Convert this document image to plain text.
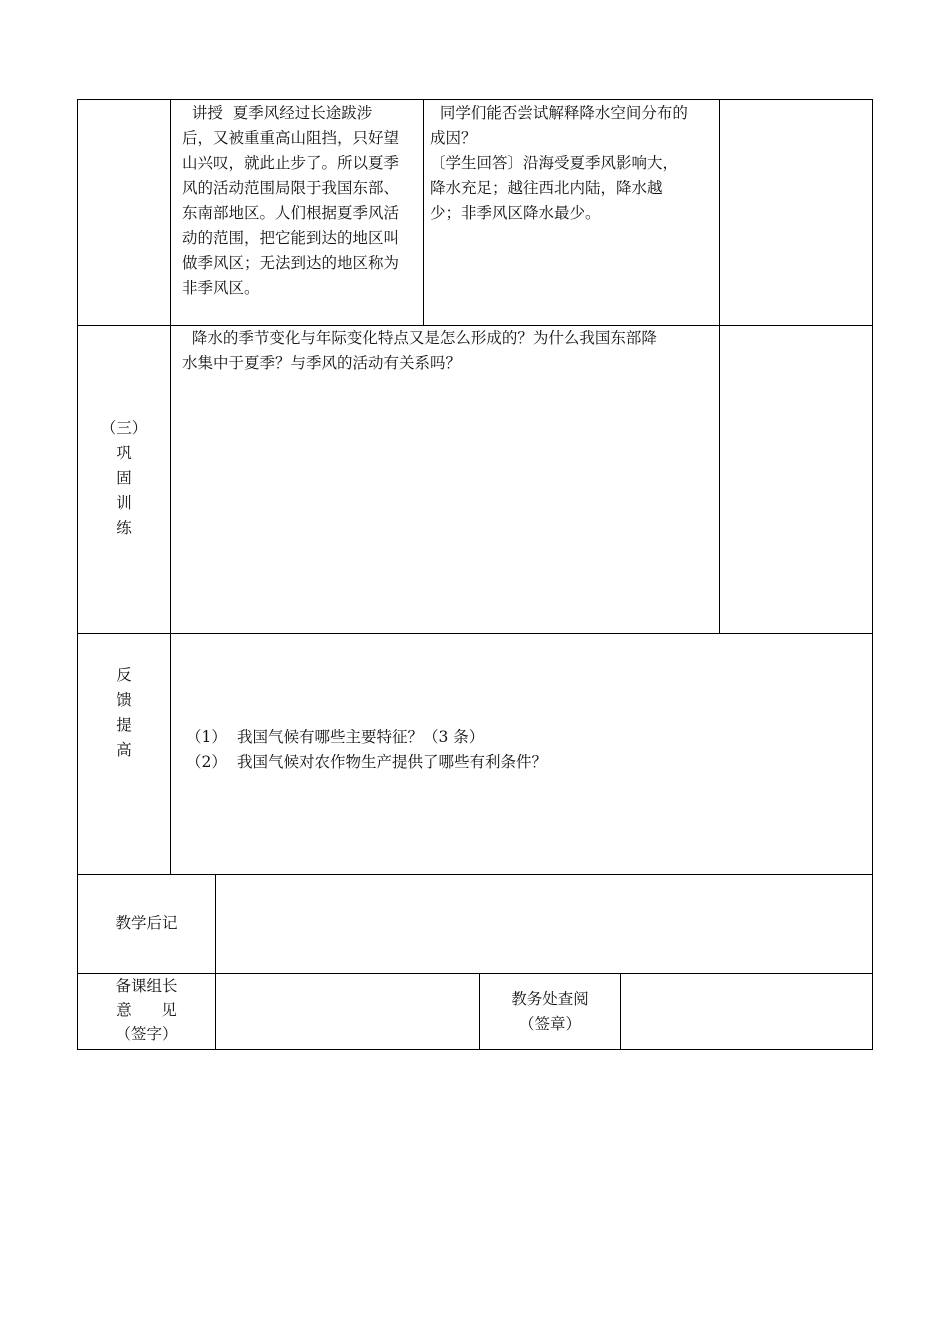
讲授  夏季风经过长途跋涉
后，又被重重高山阻挡，只好望
山兴叹，就此止步了。所以夏季
风的活动范围局限于我国东部、
东南部地区。人们根据夏季风活
动的范围，把它能到达的地区叫
做季风区；无法到达的地区称为
非季风区。
同学们能否尝试解释降水空间分布的
成因？
〔学生回答〕沿海受夏季风影响大，
降水充足；越往西北内陆，降水越
少；非季风区降水最少。
（三）
巩
固
训
练
降水的季节变化与年际变化特点又是怎么形成的？为什么我国东部降
水集中于夏季？与季风的活动有关系吗？
反
馈
提
高
（1） 我国气候有哪些主要特征？（3 条）
（2） 我国气候对农作物生产提供了哪些有利条件？
教学后记
备课组长
意      见
（签字）
教务处查阅
（签章）
